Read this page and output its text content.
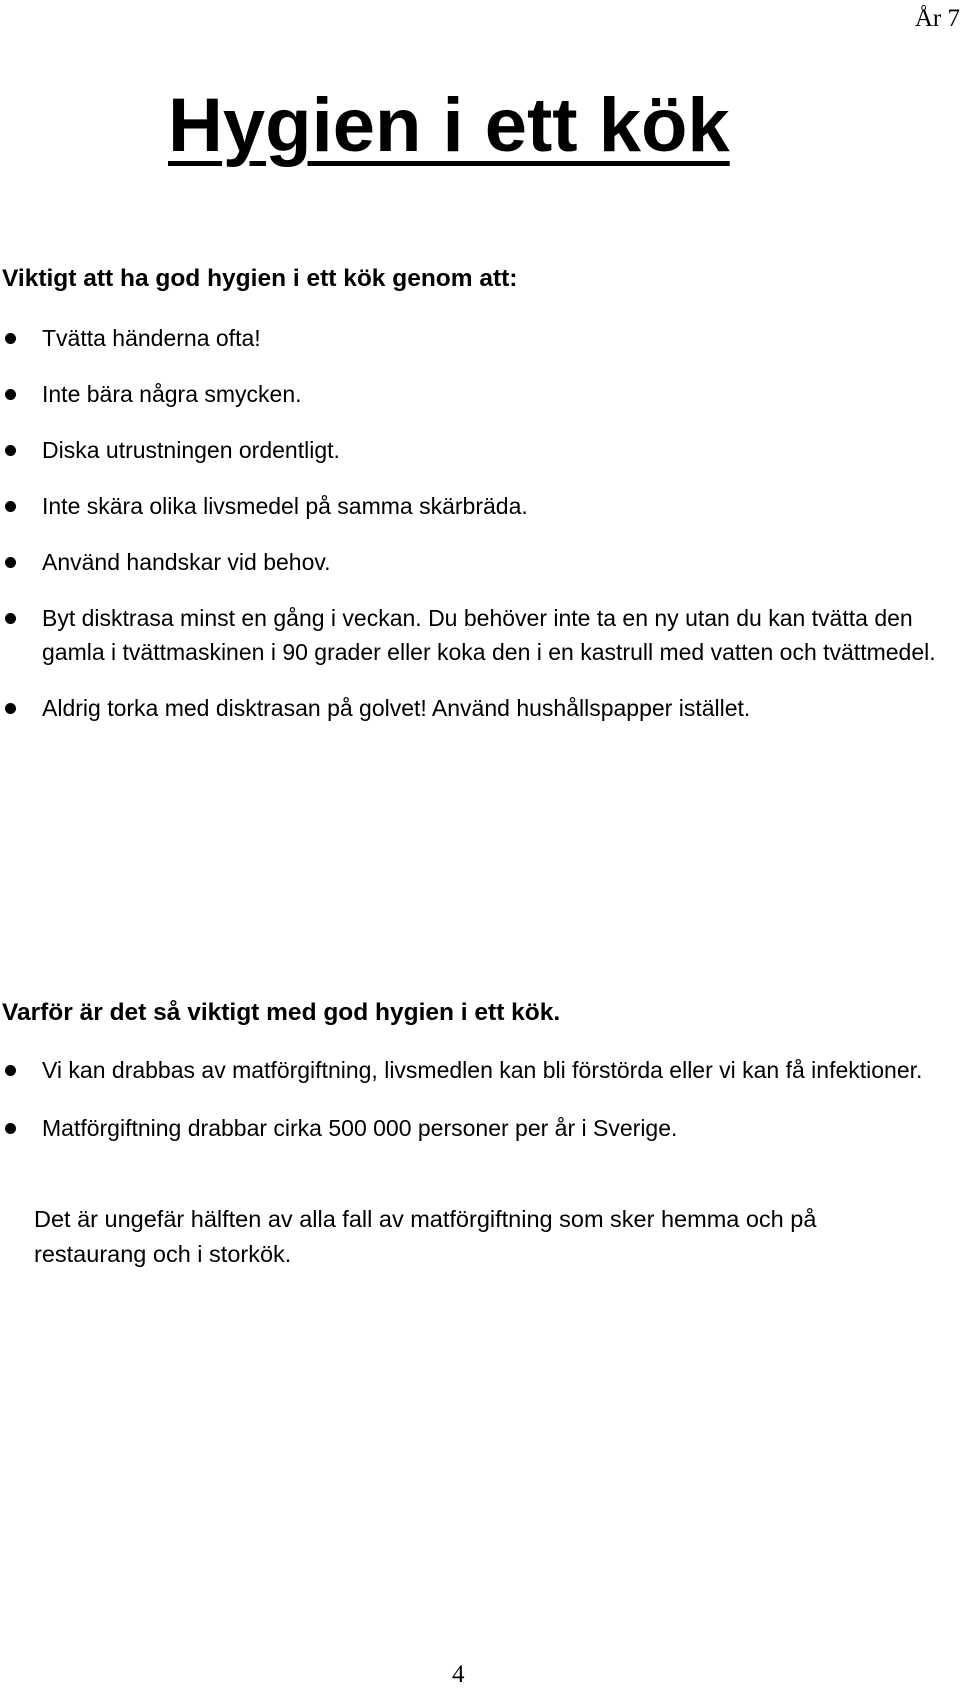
År 7
Hygien i ett kök
Viktigt att ha god hygien i ett kök genom att:
Tvätta händerna ofta!
Inte bära några smycken.
Diska utrustningen ordentligt.
Inte skära olika livsmedel på samma skärbräda.
Använd handskar vid behov.
Byt disktrasa minst en gång i veckan. Du behöver inte ta en ny utan du kan tvätta den gamla i tvättmaskinen i 90 grader eller koka den i en kastrull med vatten och tvättmedel.
Aldrig torka med disktrasan på golvet! Använd hushållspapper istället.
Varför är det så viktigt med god hygien i ett kök.
Vi kan drabbas av matförgiftning, livsmedlen kan bli förstörda eller vi kan få infektioner.
Matförgiftning drabbar cirka 500 000 personer per år i Sverige.

Det är ungefär hälften av alla fall av matförgiftning som sker hemma och på restaurang och i storkök.

4
